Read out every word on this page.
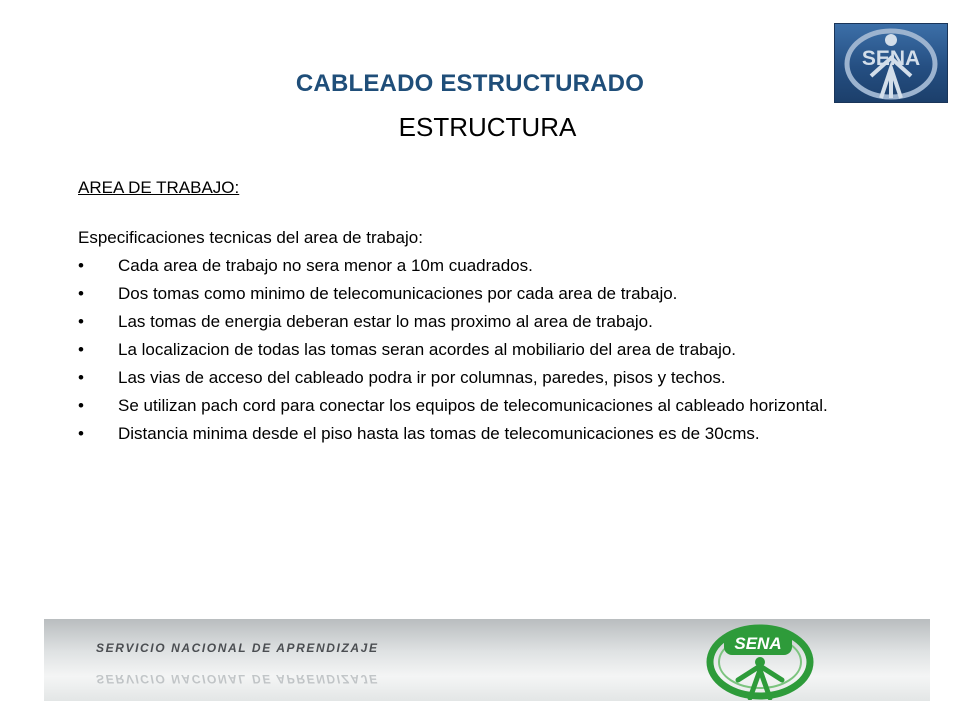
CABLEADO ESTRUCTURADO
ESTRUCTURA
SENA
AREA DE TRABAJO:

Especificaciones tecnicas del area de trabajo:

•	Cada area de trabajo no sera menor a 10m cuadrados.
•	Dos tomas como minimo de telecomunicaciones por cada area de trabajo.
•	Las tomas de energia deberan estar lo mas proximo al area de trabajo.
•	La localizacion de todas las tomas seran acordes al mobiliario del area de trabajo.
•	Las vias de acceso del cableado podra ir por columnas, paredes, pisos y techos.
•	Se utilizan pach cord para conectar los equipos de telecomunicaciones al cableado horizontal.
•	Distancia minima desde el piso hasta las tomas de telecomunicaciones es de 30cms.
SERVICIO NACIONAL DE APRENDIZAJE
SERVICIO NACIONAL DE APRENDIZAJE
SENA
